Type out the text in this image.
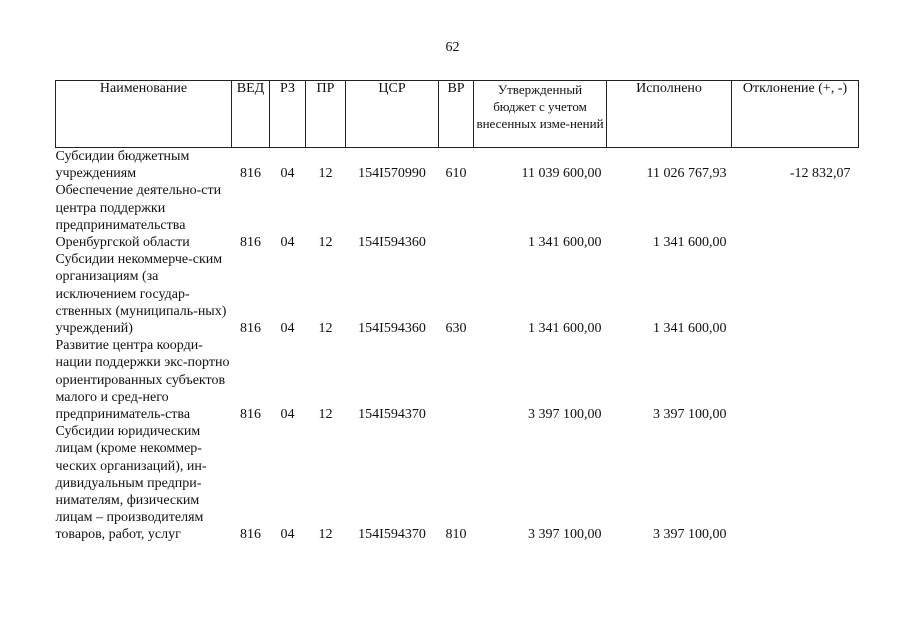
62
Наименование	ВЕД	РЗ	ПР	ЦСР	ВР	Утвержденный бюджет с учетом внесенных изме-нений	Исполнено	Отклонение (+, -)
Субсидии бюджетным учреждениям	816	04	12	154I570990	610	11 039 600,00	11 026 767,93	-12 832,07
Обеспечение деятельно-сти центра поддержки предпринимательства Оренбургской области	816	04	12	154I594360		1 341 600,00	1 341 600,00	
Субсидии некоммерче-ским организациям (за исключением государ-ственных (муниципаль-ных) учреждений)	816	04	12	154I594360	630	1 341 600,00	1 341 600,00	
Развитие центра коорди-нации поддержки экс-портно ориентированных субъектов малого и сред-него предприниматель-ства	816	04	12	154I594370		3 397 100,00	3 397 100,00	
Субсидии юридическим лицам (кроме некоммер-ческих организаций), ин-дивидуальным предпри-нимателям, физическим лицам – производителям товаров, работ, услуг	816	04	12	154I594370	810	3 397 100,00	3 397 100,00	
